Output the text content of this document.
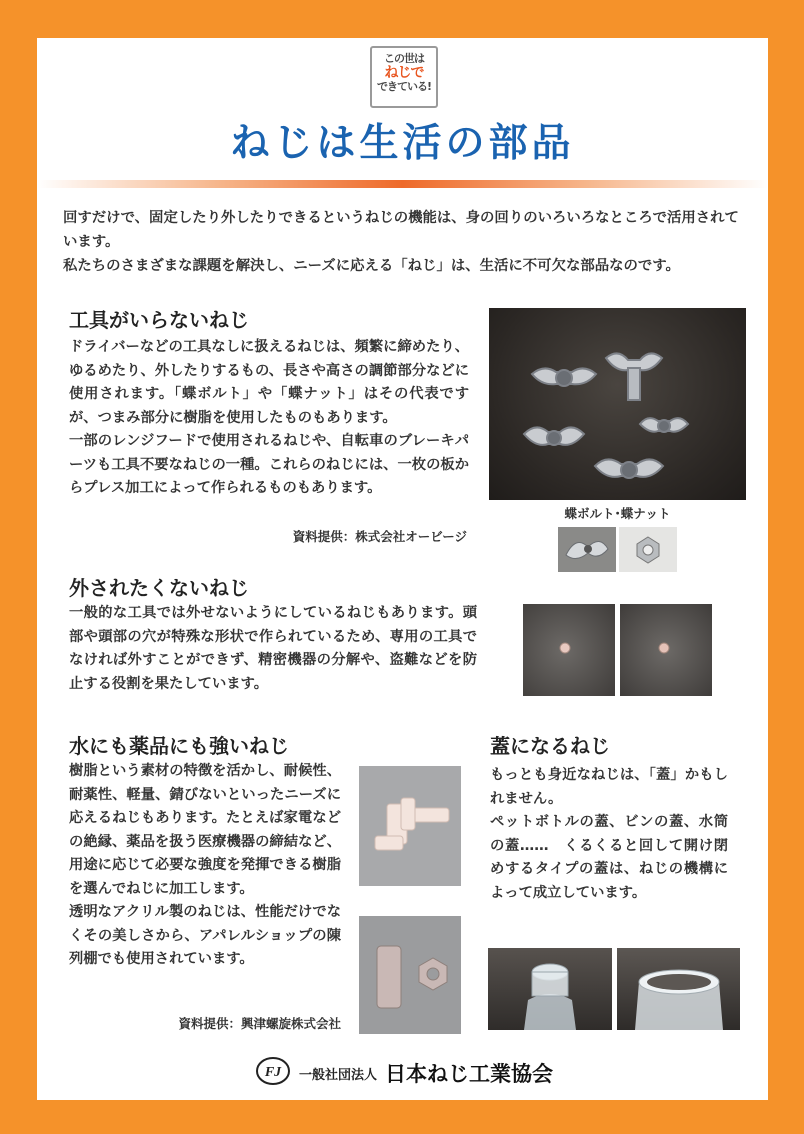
この世は
ねじで
できている!
ねじは生活の部品
回すだけで、固定したり外したりできるというねじの機能は、身の回りのいろいろなところで活用されています。
私たちのさまざまな課題を解決し、ニーズに応える「ねじ」は、生活に不可欠な部品なのです。
工具がいらないねじ

ドライバーなどの工具なしに扱えるねじは、頻繁に締めたり、ゆるめたり、外したりするもの、長さや高さの調節部分などに使用されます。「蝶ボルト」や「蝶ナット」はその代表ですが、つまみ部分に樹脂を使用したものもあります。

一部のレンジフードで使用されるねじや、自転車のブレーキパーツも工具不要なねじの一種。これらのねじには、一枚の板からプレス加工によって作られるものもあります。

資料提供：株式会社オービージ
蝶ボルト･蝶ナット
外されたくないねじ

一般的な工具では外せないようにしているねじもあります。頭部や頭部の穴が特殊な形状で作られているため、専用の工具でなければ外すことができず、精密機器の分解や、盗難などを防止する役割を果たしています。

水にも薬品にも強いねじ

樹脂という素材の特徴を活かし、耐候性、耐薬性、軽量、錆びないといったニーズに応えるねじもあります。たとえば家電などの絶縁、薬品を扱う医療機器の締結など、用途に応じて必要な強度を発揮できる樹脂を選んでねじに加工します。

透明なアクリル製のねじは、性能だけでなくその美しさから、アパレルショップの陳列棚でも使用されています。

資料提供：興津螺旋株式会社
蓋になるねじ

もっとも身近なねじは、「蓋」かもしれません。

ペットボトルの蓋、ビンの蓋、水筒の蓋……　くるくると回して開け閉めするタイプの蓋は、ねじの機構によって成立しています。

FJ 一般社団法人 日本ねじ工業協会
